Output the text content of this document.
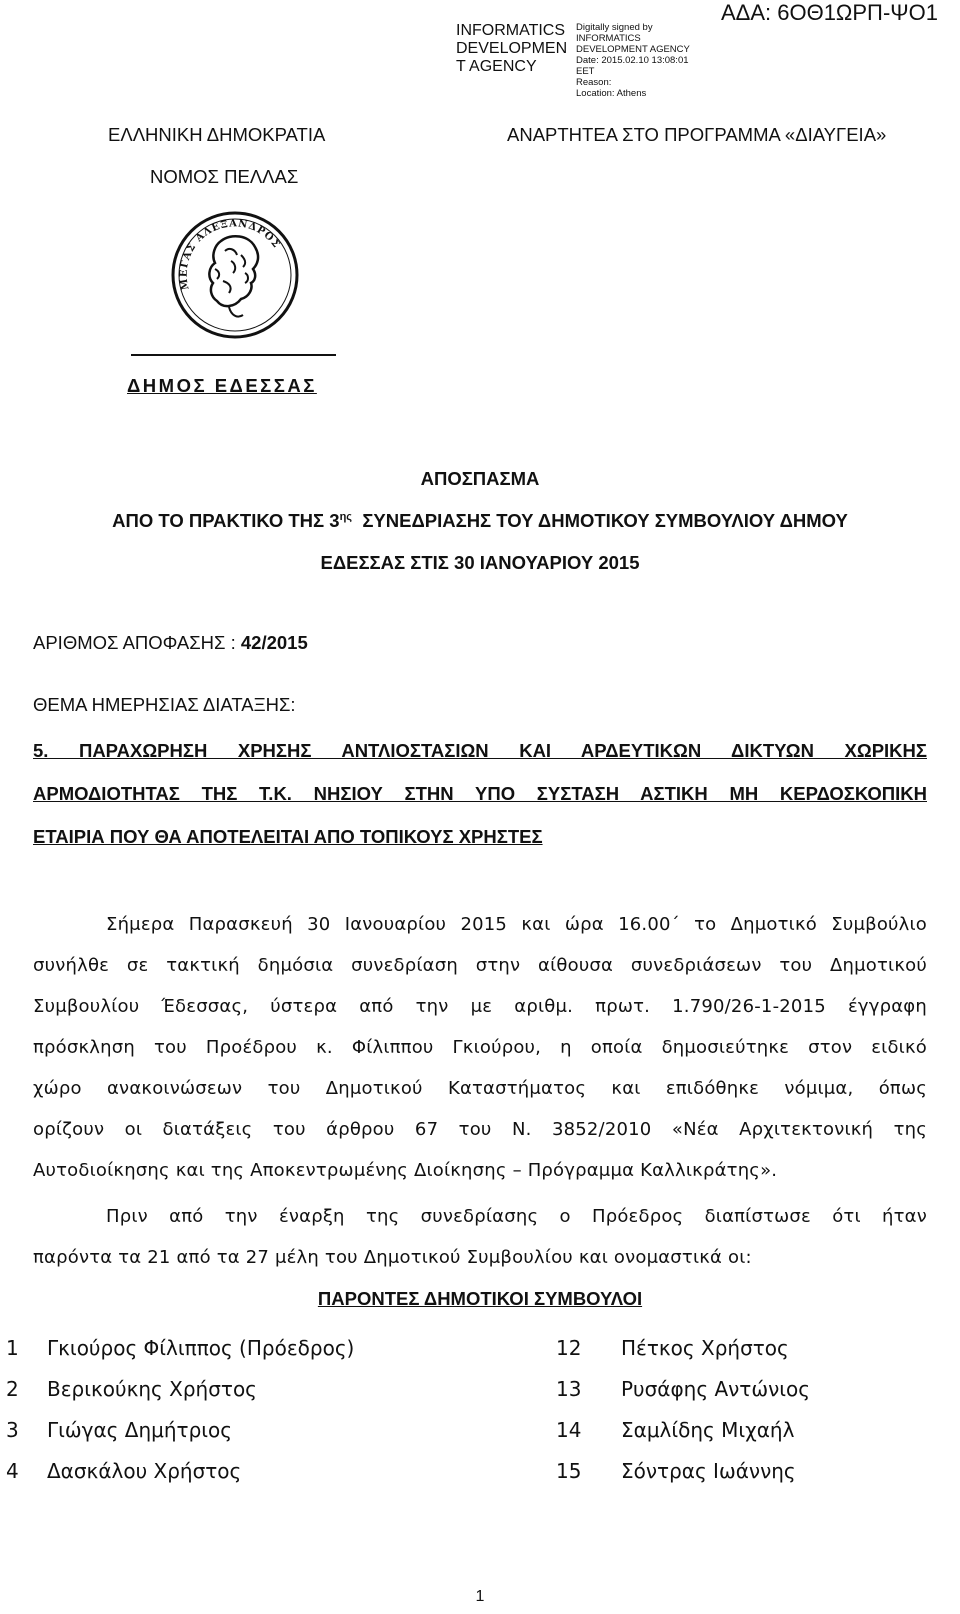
INFORMATICS
DEVELOPMEN
T AGENCY
Digitally signed by
INFORMATICS
DEVELOPMENT AGENCY
Date: 2015.02.10 13:08:01
EET
Reason:
Location: Athens
ΑΔΑ: 6ΟΘ1ΩΡΠ-ΨΟ1
ΕΛΛΗΝΙΚΗ ΔΗΜΟΚΡΑΤΙΑ
ΝΟΜΟΣ ΠΕΛΛΑΣ
ΑΝΑΡΤΗΤΕΑ ΣΤΟ ΠΡΟΓΡΑΜΜΑ «ΔΙΑΥΓΕΙΑ»
ΜΕΓΑΣ ΑΛΕΞΑΝΔΡΟΣ
ΔΗΜΟΣ ΕΔΕΣΣΑΣ
ΑΠΟΣΠΑΣΜΑ
ΑΠΟ ΤΟ ΠΡΑΚΤΙΚΟ ΤΗΣ $3^{\eta\varsigma}$ ΣΥΝΕΔΡΙΑΣΗΣ ΤΟΥ ΔΗΜΟΤΙΚΟΥ ΣΥΜΒΟΥΛΙΟΥ ΔΗΜΟΥ
ΕΔΕΣΣΑΣ ΣΤΙΣ 30 ΙΑΝΟΥΑΡΙΟΥ 2015
ΑΡΙΘΜΟΣ ΑΠΟΦΑΣΗΣ : 42/2015
ΘΕΜΑ ΗΜΕΡΗΣΙΑΣ ΔΙΑΤΑΞΗΣ:
5. ΠΑΡΑΧΩΡΗΣΗ ΧΡΗΣΗΣ ΑΝΤΛΙΟΣΤΑΣΙΩΝ ΚΑΙ ΑΡΔΕΥΤΙΚΩΝ ΔΙΚΤΥΩΝ ΧΩΡΙΚΗΣ
ΑΡΜΟΔΙΟΤΗΤΑΣ ΤΗΣ Τ.Κ. ΝΗΣΙΟΥ ΣΤΗΝ ΥΠΟ ΣΥΣΤΑΣΗ ΑΣΤΙΚΗ ΜΗ ΚΕΡΔΟΣΚΟΠΙΚΗ
ΕΤΑΙΡΙΑ ΠΟΥ ΘΑ ΑΠΟΤΕΛΕΙΤΑΙ ΑΠΟ ΤΟΠΙΚΟΥΣ ΧΡΗΣΤΕΣ
Σήμερα Παρασκευή 30 Ιανουαρίου 2015 και ώρα 16.00΄ το Δημοτικό Συμβούλιο
συνήλθε σε τακτική δημόσια συνεδρίαση στην αίθουσα συνεδριάσεων του Δημοτικού
Συμβουλίου Έδεσσας, ύστερα από την με αριθμ. πρωτ. 1.790/26-1-2015 έγγραφη
πρόσκληση του Προέδρου κ. Φίλιππου Γκιούρου, η οποία δημοσιεύτηκε στον ειδικό
χώρο ανακοινώσεων του Δημοτικού Καταστήματος και επιδόθηκε νόμιμα, όπως
ορίζουν οι διατάξεις του άρθρου 67 του Ν. 3852/2010 «Νέα Αρχιτεκτονική της
Αυτοδιοίκησης και της Αποκεντρωμένης Διοίκησης – Πρόγραμμα Καλλικράτης».
Πριν από την έναρξη της συνεδρίασης ο Πρόεδρος διαπίστωσε ότι ήταν
παρόντα τα 21 από τα 27 μέλη του Δημοτικού Συμβουλίου και ονομαστικά οι:
ΠΑΡΟΝΤΕΣ ΔΗΜΟΤΙΚΟΙ ΣΥΜΒΟΥΛΟΙ
1 Γκιούρος Φίλιππος (Πρόεδρος)
2 Βερικούκης Χρήστος
3 Γιώγας Δημήτριος
4 Δασκάλου Χρήστος
12 Πέτκος Χρήστος
13 Ρυσάφης Αντώνιος
14 Σαμλίδης Μιχαήλ
15 Σόντρας Ιωάννης
1
